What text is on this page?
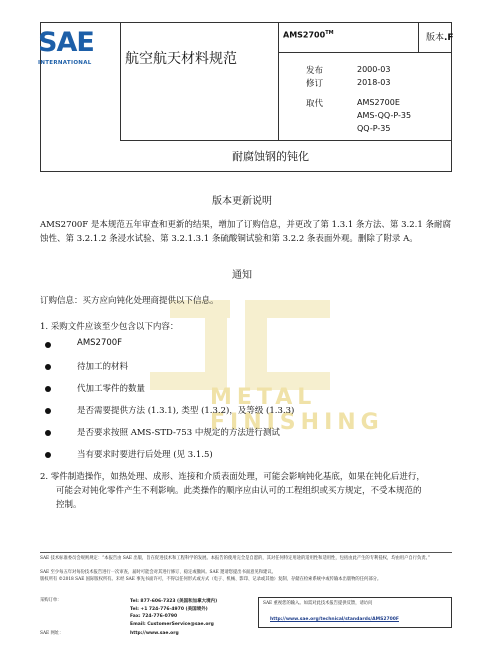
METAL FINISHING
SAE
INTERNATIONAL 航空航天材料规范
AMS2700™	版本.F
发布	2000-03
修订	2018-03
取代	AMS2700E
AMS-QQ-P-35
QQ-P-35
耐腐蚀钢的钝化
版本更新说明
AMS2700F 是本规范五年审查和更新的结果，增加了订购信息，并更改了第 1.3.1 条方法、第 3.2.1 条耐腐蚀性、第 3.2.1.2 条浸水试验、第 3.2.1.3.1 条硫酸铜试验和第 3.2.2 条表面外观。删除了附录 A。
通知
订购信息：买方应向钝化处理商提供以下信息。
1. 采购文件应该至少包含以下内容：
AMS2700F
待加工的材料
代加工零件的数量
是否需要提供方法 (1.3.1), 类型 (1.3.2)，及等级 (1.3.3)
是否要求按照 AMS-STD-753 中规定的方法进行测试
当有要求时要进行后处理 (见 3.1.5)
2. 零件制造操作，如热处理、成形、连接和介质表面处理，可能会影响钝化基底，如果在钝化后进行，
可能会对钝化零件产生不利影响。此类操作的顺序应由认可的工程组织或买方规定，不受本规范的
控制。
SAE 技术标准委员会规则规定：“本报告由 SAE 出版，旨在促进技术和工程科学的发展。本报告的使用完全是自愿的，其对任何特定用途的适用性和适用性，包括由此产生的专利侵权，均由用户自行负责。”
SAE 至少每五年对每份技术报告进行一次审查，届时可能会对其进行修订、稳定或撤回。SAE 邀请您提出书面意见和建议。
版权所有 ©2018 SAE 国际版权所有。未经 SAE 事先书面许可，不得以任何形式或方式（电子、机械、影印、记录或其他）复制、存储在检索系统中或传输本出版物的任何部分。
采购订单：	Tel: 877-606-7323 (美国和加拿大境内)
Tel: +1 724-776-4970 (美国境外)
Fax: 724-776-0790
Email: CustomerService@sae.org
SAE 网址：	http://www.sae.org
SAE 重视您的输入。如需对此技术报告提供反馈，请访问
http://www.sae.org/technical/standards/AMS2700F
